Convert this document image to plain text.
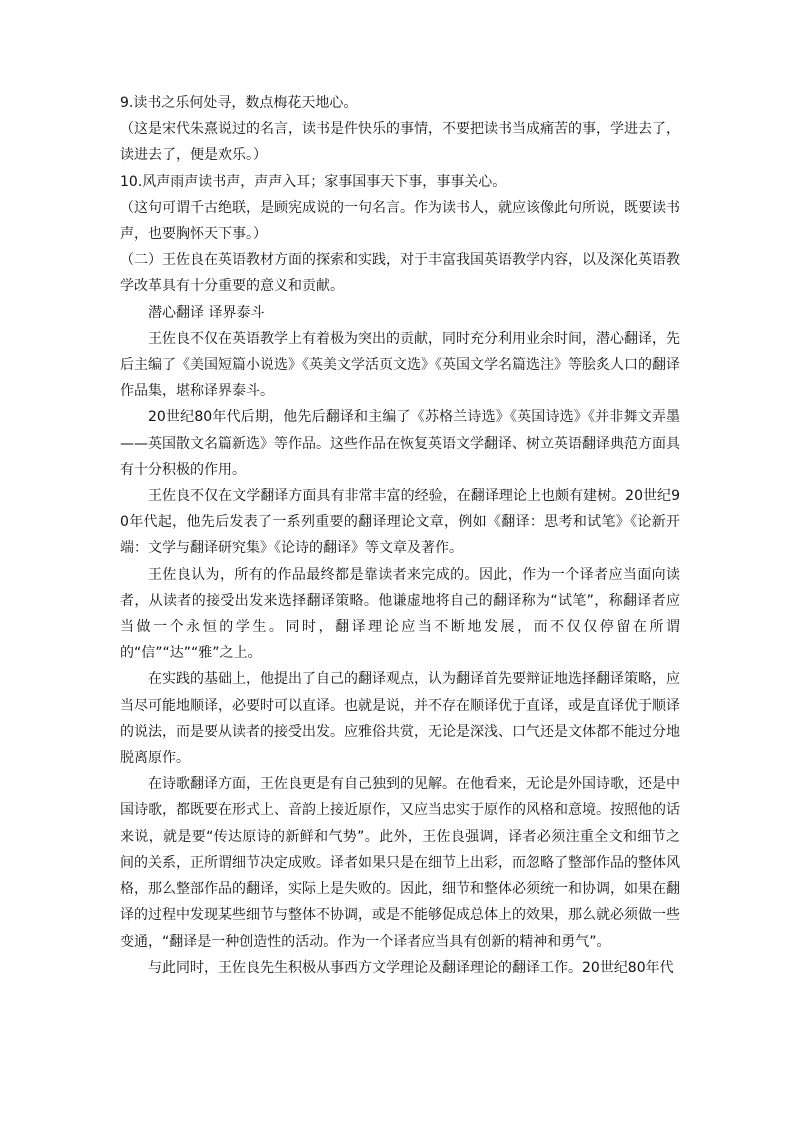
9.读书之乐何处寻，数点梅花天地心。

（这是宋代朱熹说过的名言，读书是件快乐的事情，不要把读书当成痛苦的事，学进去了，读进去了，便是欢乐。）

10.风声雨声读书声，声声入耳；家事国事天下事，事事关心。

（这句可谓千古绝联，是顾宪成说的一句名言。作为读书人，就应该像此句所说，既要读书声，也要胸怀天下事。）

（二）王佐良在英语教材方面的探索和实践，对于丰富我国英语教学内容，以及深化英语教学改革具有十分重要的意义和贡献。

潜心翻译 译界泰斗

王佐良不仅在英语教学上有着极为突出的贡献，同时充分利用业余时间，潜心翻译，先后主编了《美国短篇小说选》《英美文学活页文选》《英国文学名篇选注》等脍炙人口的翻译作品集，堪称译界泰斗。

20世纪80年代后期，他先后翻译和主编了《苏格兰诗选》《英国诗选》《并非舞文弄墨——英国散文名篇新选》等作品。这些作品在恢复英语文学翻译、树立英语翻译典范方面具有十分积极的作用。

王佐良不仅在文学翻译方面具有非常丰富的经验，在翻译理论上也颇有建树。20世纪90年代起，他先后发表了一系列重要的翻译理论文章，例如《翻译：思考和试笔》《论新开端：文学与翻译研究集》《论诗的翻译》等文章及著作。

王佐良认为，所有的作品最终都是靠读者来完成的。因此，作为一个译者应当面向读者，从读者的接受出发来选择翻译策略。他谦虚地将自己的翻译称为“试笔”，称翻译者应当做一个永恒的学生。同时，翻译理论应当不断地发展，而不仅仅停留在所谓的“信”“达”“雅”之上。

在实践的基础上，他提出了自己的翻译观点，认为翻译首先要辩证地选择翻译策略，应当尽可能地顺译，必要时可以直译。也就是说，并不存在顺译优于直译，或是直译优于顺译的说法，而是要从读者的接受出发。应雅俗共赏，无论是深浅、口气还是文体都不能过分地脱离原作。

在诗歌翻译方面，王佐良更是有自己独到的见解。在他看来，无论是外国诗歌，还是中国诗歌，都既要在形式上、音韵上接近原作，又应当忠实于原作的风格和意境。按照他的话来说，就是要“传达原诗的新鲜和气势”。此外，王佐良强调，译者必须注重全文和细节之间的关系，正所谓细节决定成败。译者如果只是在细节上出彩，而忽略了整部作品的整体风格，那么整部作品的翻译，实际上是失败的。因此，细节和整体必须统一和协调，如果在翻译的过程中发现某些细节与整体不协调，或是不能够促成总体上的效果，那么就必须做一些变通，“翻译是一种创造性的活动。作为一个译者应当具有创新的精神和勇气”。

与此同时，王佐良先生积极从事西方文学理论及翻译理论的翻译工作。20世纪80年代
